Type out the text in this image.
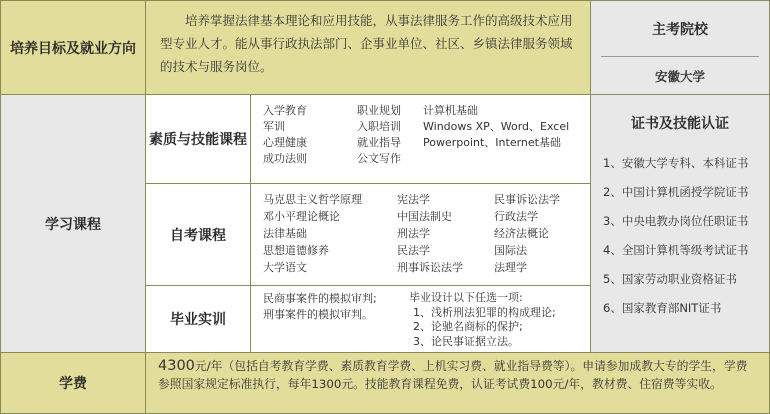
培养目标及就业方向
培养掌握法律基本理论和应用技能，从事法律服务工作的高级技术应用型专业人才。能从事行政执法部门、企事业单位、社区、乡镇法律服务领域的技术与服务岗位。
主考院校
安徽大学
学习课程
素质与技能课程
入学教育
军训
心理健康
成功法则
职业规划
入职培训
就业指导
公文写作
计算机基础
Windows XP、Word、Excel
Powerpoint、Internet基础
自考课程
马克思主义哲学原理
邓小平理论概论
法律基础
思想道德修养
大学语文
宪法学
中国法制史
刑法学
民法学
刑事诉讼法学
民事诉讼法学
行政法学
经济法概论
国际法
法理学
毕业实训
民商事案件的模拟审判;
刑事案件的模拟审判。
毕业设计以下任选一项:
1、浅析刑法犯罪的构成理论;
2、论驰名商标的保护;
3、论民事证据立法。
证书及技能认证
1、安徽大学专科、本科证书
2、中国计算机函授学院证书
3、中央电教办岗位任职证书
4、全国计算机等级考试证书
5、国家劳动职业资格证书
6、国家教育部NIT证书
学费
4300元/年（包括自考教育学费、素质教育学费、上机实习费、就业指导费等）。申请参加成教大专的学生，学费参照国家规定标准执行，每年1300元。技能教育课程免费，认证考试费100元/年，教材费、住宿费等实收。
